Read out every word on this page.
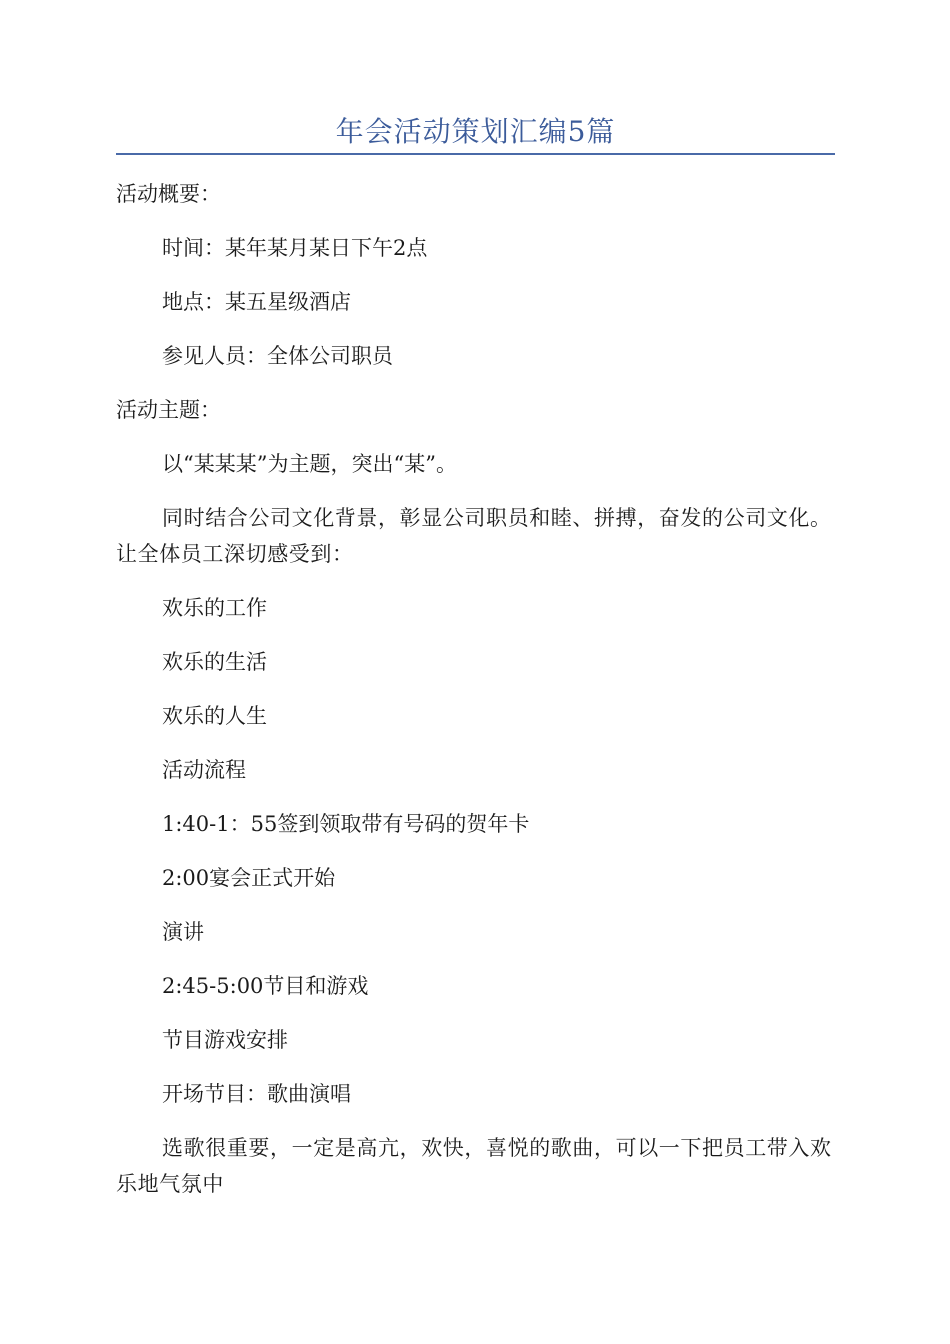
年会活动策划汇编5篇

活动概要：

时间：某年某月某日下午2点

地点：某五星级酒店

参见人员：全体公司职员

活动主题：

以“某某某”为主题，突出“某”。

同时结合公司文化背景，彰显公司职员和睦、拼搏，奋发的公司文化。让全体员工深切感受到：

欢乐的工作

欢乐的生活

欢乐的人生

活动流程

1:40-1：55签到领取带有号码的贺年卡

2:00宴会正式开始

演讲

2:45-5:00节目和游戏

节目游戏安排

开场节目：歌曲演唱

选歌很重要，一定是高亢，欢快，喜悦的歌曲，可以一下把员工带入欢乐地气氛中
